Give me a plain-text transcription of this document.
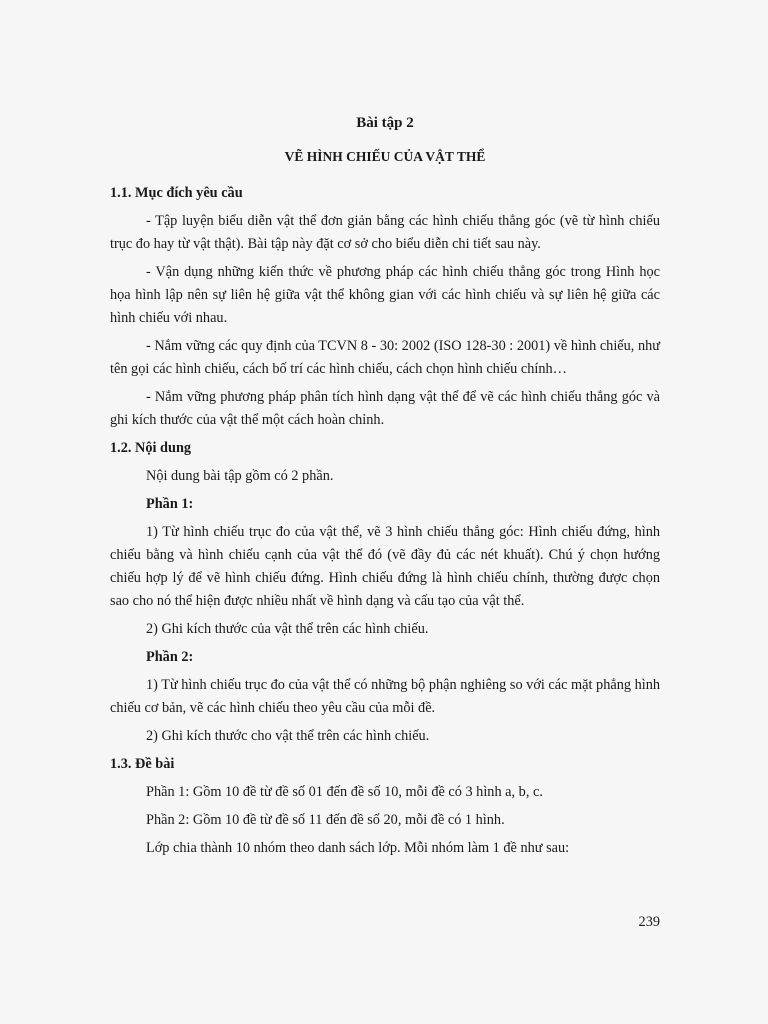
Bài tập 2
VẼ HÌNH CHIẾU CỦA VẬT THỂ
1.1. Mục đích yêu cầu

- Tập luyện biểu diễn vật thể đơn giản bằng các hình chiếu thẳng góc (vẽ từ hình chiếu trục đo hay từ vật thật). Bài tập này đặt cơ sở cho biểu diễn chi tiết sau này.

- Vận dụng những kiến thức về phương pháp các hình chiếu thẳng góc trong Hình học họa hình lập nên sự liên hệ giữa vật thể không gian với các hình chiếu và sự liên hệ giữa các hình chiếu với nhau.

- Nắm vững các quy định của TCVN 8 - 30: 2002 (ISO 128-30 : 2001) về hình chiếu, như tên gọi các hình chiếu, cách bố trí các hình chiếu, cách chọn hình chiếu chính…

- Nắm vững phương pháp phân tích hình dạng vật thể để vẽ các hình chiếu thẳng góc và ghi kích thước của vật thể một cách hoàn chỉnh.

1.2. Nội dung

Nội dung bài tập gồm có 2 phần.

Phần 1:

1) Từ hình chiếu trục đo của vật thể, vẽ 3 hình chiếu thẳng góc: Hình chiếu đứng, hình chiếu bằng và hình chiếu cạnh của vật thể đó (vẽ đầy đủ các nét khuất). Chú ý chọn hướng chiếu hợp lý để vẽ hình chiếu đứng. Hình chiếu đứng là hình chiếu chính, thường được chọn sao cho nó thể hiện được nhiều nhất về hình dạng và cấu tạo của vật thể.

2) Ghi kích thước của vật thể trên các hình chiếu.

Phần 2:

1) Từ hình chiếu trục đo của vật thể có những bộ phận nghiêng so với các mặt phẳng hình chiếu cơ bản, vẽ các hình chiếu theo yêu cầu của mỗi đề.

2) Ghi kích thước cho vật thể trên các hình chiếu.

1.3. Đề bài

Phần 1: Gồm 10 đề từ đề số 01 đến đề số 10, mỗi đề có 3 hình a, b, c.

Phần 2: Gồm 10 đề từ đề số 11 đến đề số 20, mỗi đề có 1 hình.

Lớp chia thành 10 nhóm theo danh sách lớp. Mỗi nhóm làm 1 đề như sau:

239
